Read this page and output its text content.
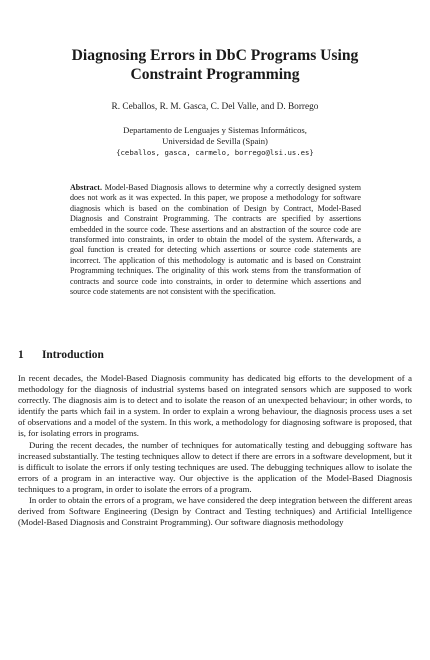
Diagnosing Errors in DbC Programs Using
Constraint Programming
R. Ceballos, R. M. Gasca, C. Del Valle, and D. Borrego
Departamento de Lenguajes y Sistemas Informáticos,
Universidad de Sevilla (Spain)
{ceballos, gasca, carmelo, borrego@lsi.us.es}
Abstract. Model-Based Diagnosis allows to determine why a correctly designed system does not work as it was expected. In this paper, we propose a methodology for software diagnosis which is based on the combination of Design by Contract, Model-Based Diagnosis and Constraint Programming. The contracts are specified by assertions embedded in the source code. These assertions and an abstraction of the source code are transformed into constraints, in order to obtain the model of the system. Afterwards, a goal function is created for detecting which assertions or source code statements are incorrect. The application of this methodology is automatic and is based on Constraint Programming techniques. The originality of this work stems from the transformation of contracts and source code into constraints, in order to determine which assertions and source code statements are not consistent with the specification.
1 Introduction

In recent decades, the Model-Based Diagnosis community has dedicated big efforts to the development of a methodology for the diagnosis of industrial systems based on integrated sensors which are supposed to work correctly. The diagnosis aim is to detect and to isolate the reason of an unexpected behaviour; in other words, to identify the parts which fail in a system. In order to explain a wrong behaviour, the diagnosis process uses a set of observations and a model of the system. In this work, a methodology for diagnosing software is proposed, that is, for isolating errors in programs.

During the recent decades, the number of techniques for automatically testing and debugging software has increased substantially. The testing techniques allow to detect if there are errors in a software development, but it is difficult to isolate the errors if only testing techniques are used. The debugging techniques allow to isolate the errors of a program in an interactive way. Our objective is the application of the Model-Based Diagnosis techniques to a program, in order to isolate the errors of a program.

In order to obtain the errors of a program, we have considered the deep integration between the different areas derived from Software Engineering (Design by Contract and Testing techniques) and Artificial Intelligence (Model-Based Diagnosis and Constraint Programming). Our software diagnosis methodology
